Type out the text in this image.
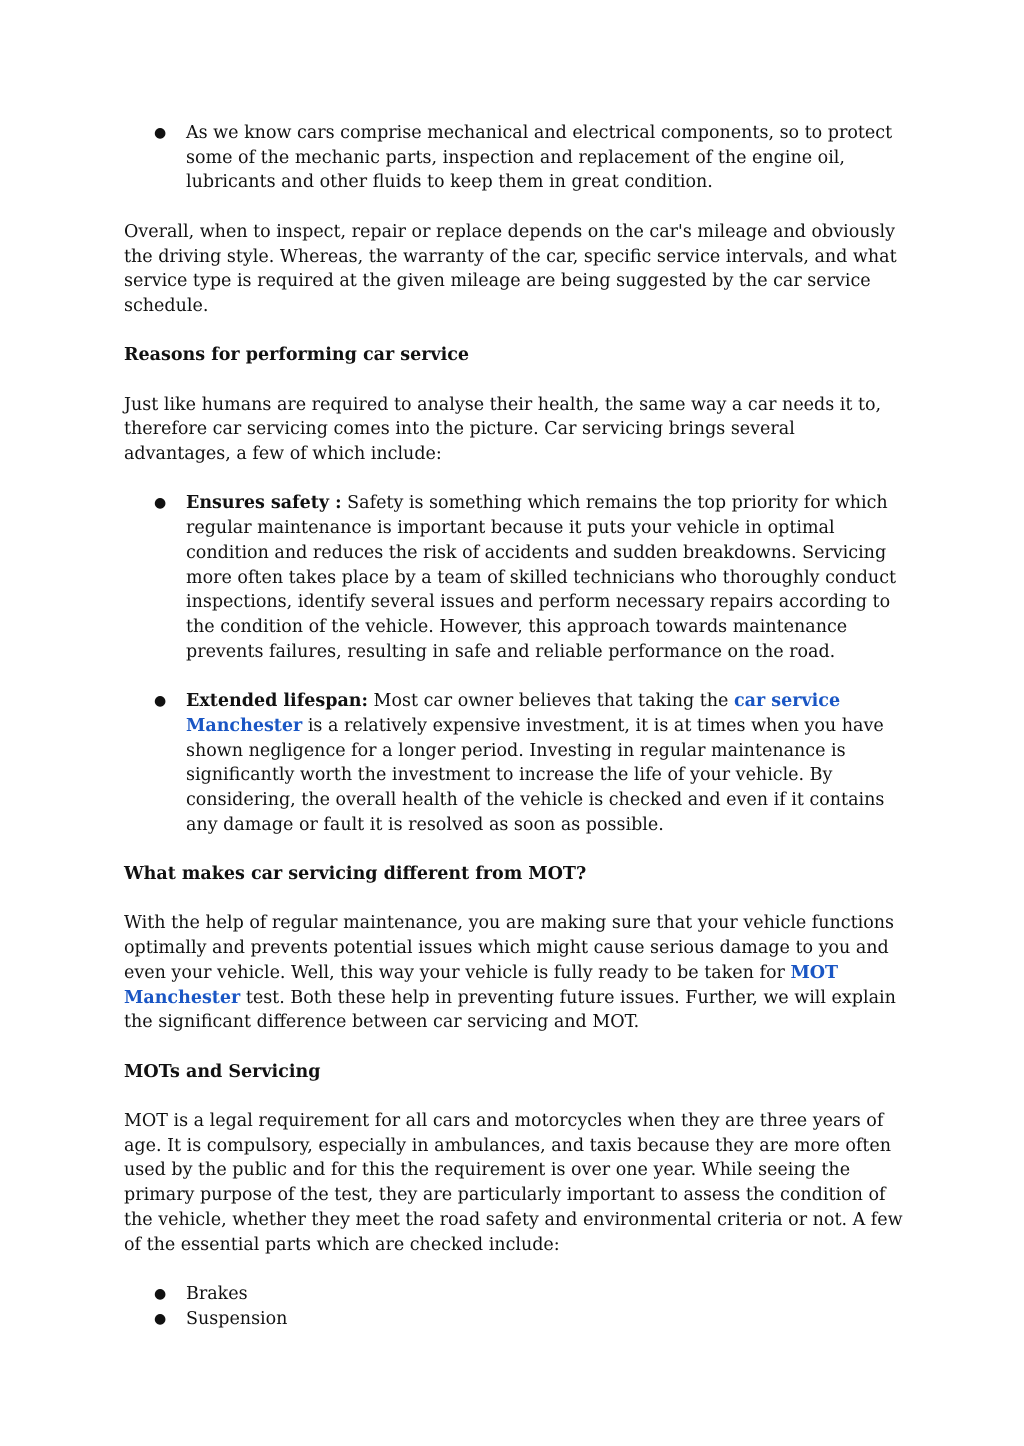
● As we know cars comprise mechanical and electrical components, so to protect some of the mechanic parts, inspection and replacement of the engine oil, lubricants and other fluids to keep them in great condition.

Overall, when to inspect, repair or replace depends on the car's mileage and obviously the driving style. Whereas, the warranty of the car, specific service intervals, and what service type is required at the given mileage are being suggested by the car service schedule.

Reasons for performing car service

Just like humans are required to analyse their health, the same way a car needs it to, therefore car servicing comes into the picture. Car servicing brings several advantages, a few of which include:

● Ensures safety : Safety is something which remains the top priority for which regular maintenance is important because it puts your vehicle in optimal condition and reduces the risk of accidents and sudden breakdowns. Servicing more often takes place by a team of skilled technicians who thoroughly conduct inspections, identify several issues and perform necessary repairs according to the condition of the vehicle. However, this approach towards maintenance prevents failures, resulting in safe and reliable performance on the road.
● Extended lifespan: Most car owner believes that taking the car service Manchester is a relatively expensive investment, it is at times when you have shown negligence for a longer period. Investing in regular maintenance is significantly worth the investment to increase the life of your vehicle. By considering, the overall health of the vehicle is checked and even if it contains any damage or fault it is resolved as soon as possible.

What makes car servicing different from MOT?

With the help of regular maintenance, you are making sure that your vehicle functions optimally and prevents potential issues which might cause serious damage to you and even your vehicle. Well, this way your vehicle is fully ready to be taken for MOT Manchester test. Both these help in preventing future issues. Further, we will explain the significant difference between car servicing and MOT.

MOTs and Servicing

MOT is a legal requirement for all cars and motorcycles when they are three years of age. It is compulsory, especially in ambulances, and taxis because they are more often used by the public and for this the requirement is over one year. While seeing the primary purpose of the test, they are particularly important to assess the condition of the vehicle, whether they meet the road safety and environmental criteria or not. A few of the essential parts which are checked include:

● Brakes
● Suspension
